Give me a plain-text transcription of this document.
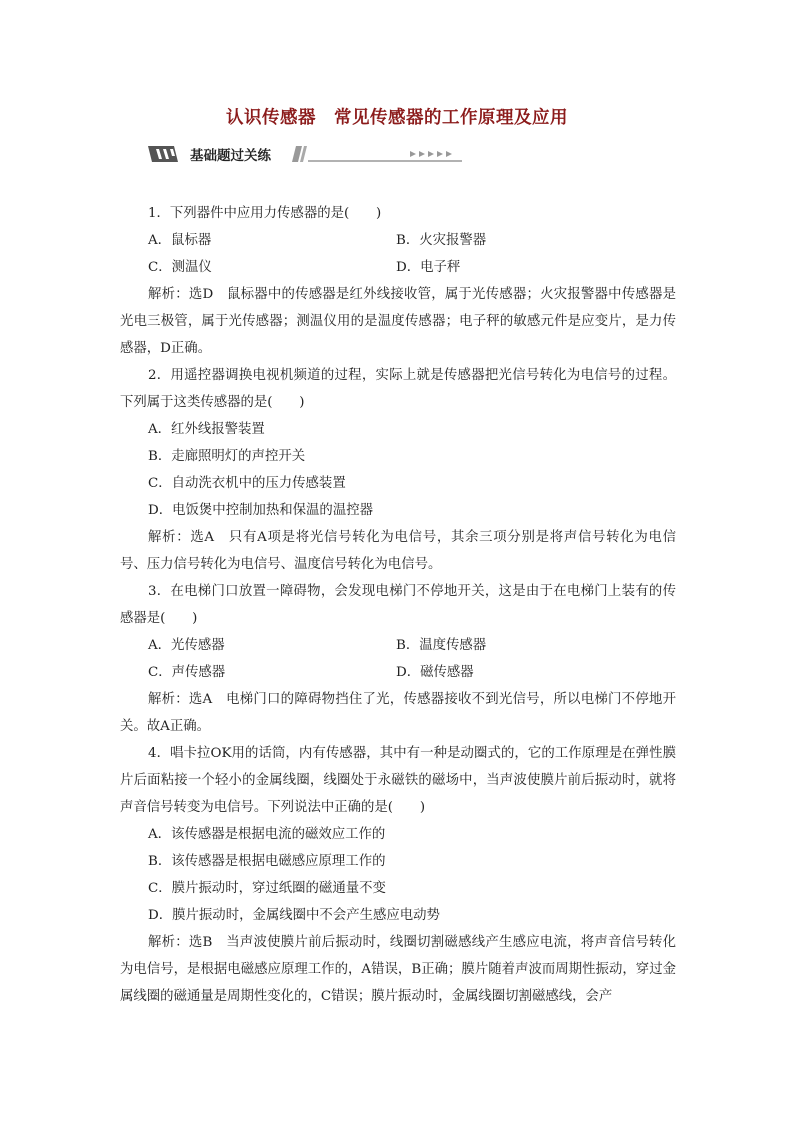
认识传感器　常见传感器的工作原理及应用
基础题过关练

1．下列器件中应用力传感器的是(　　)

A．鼠标器	B．火灾报警器
C．测温仪	D．电子秤

解析：选D　鼠标器中的传感器是红外线接收管，属于光传感器；火灾报警器中传感器是光电三极管，属于光传感器；测温仪用的是温度传感器；电子秤的敏感元件是应变片，是力传感器，D正确。

2．用遥控器调换电视机频道的过程，实际上就是传感器把光信号转化为电信号的过程。下列属于这类传感器的是(　　)

A．红外线报警装置

B．走廊照明灯的声控开关

C．自动洗衣机中的压力传感装置

D．电饭煲中控制加热和保温的温控器

解析：选A　只有A项是将光信号转化为电信号，其余三项分别是将声信号转化为电信号、压力信号转化为电信号、温度信号转化为电信号。

3．在电梯门口放置一障碍物，会发现电梯门不停地开关，这是由于在电梯门上装有的传感器是(　　)

A．光传感器	B．温度传感器
C．声传感器	D．磁传感器

解析：选A　电梯门口的障碍物挡住了光，传感器接收不到光信号，所以电梯门不停地开关。故A正确。

4．唱卡拉OK用的话筒，内有传感器，其中有一种是动圈式的，它的工作原理是在弹性膜片后面粘接一个轻小的金属线圈，线圈处于永磁铁的磁场中，当声波使膜片前后振动时，就将声音信号转变为电信号。下列说法中正确的是(　　)

A．该传感器是根据电流的磁效应工作的

B．该传感器是根据电磁感应原理工作的

C．膜片振动时，穿过纸圈的磁通量不变

D．膜片振动时，金属线圈中不会产生感应电动势

解析：选B　当声波使膜片前后振动时，线圈切割磁感线产生感应电流，将声音信号转化为电信号，是根据电磁感应原理工作的，A错误，B正确；膜片随着声波而周期性振动，穿过金属线圈的磁通量是周期性变化的，C错误；膜片振动时，金属线圈切割磁感线，会产
